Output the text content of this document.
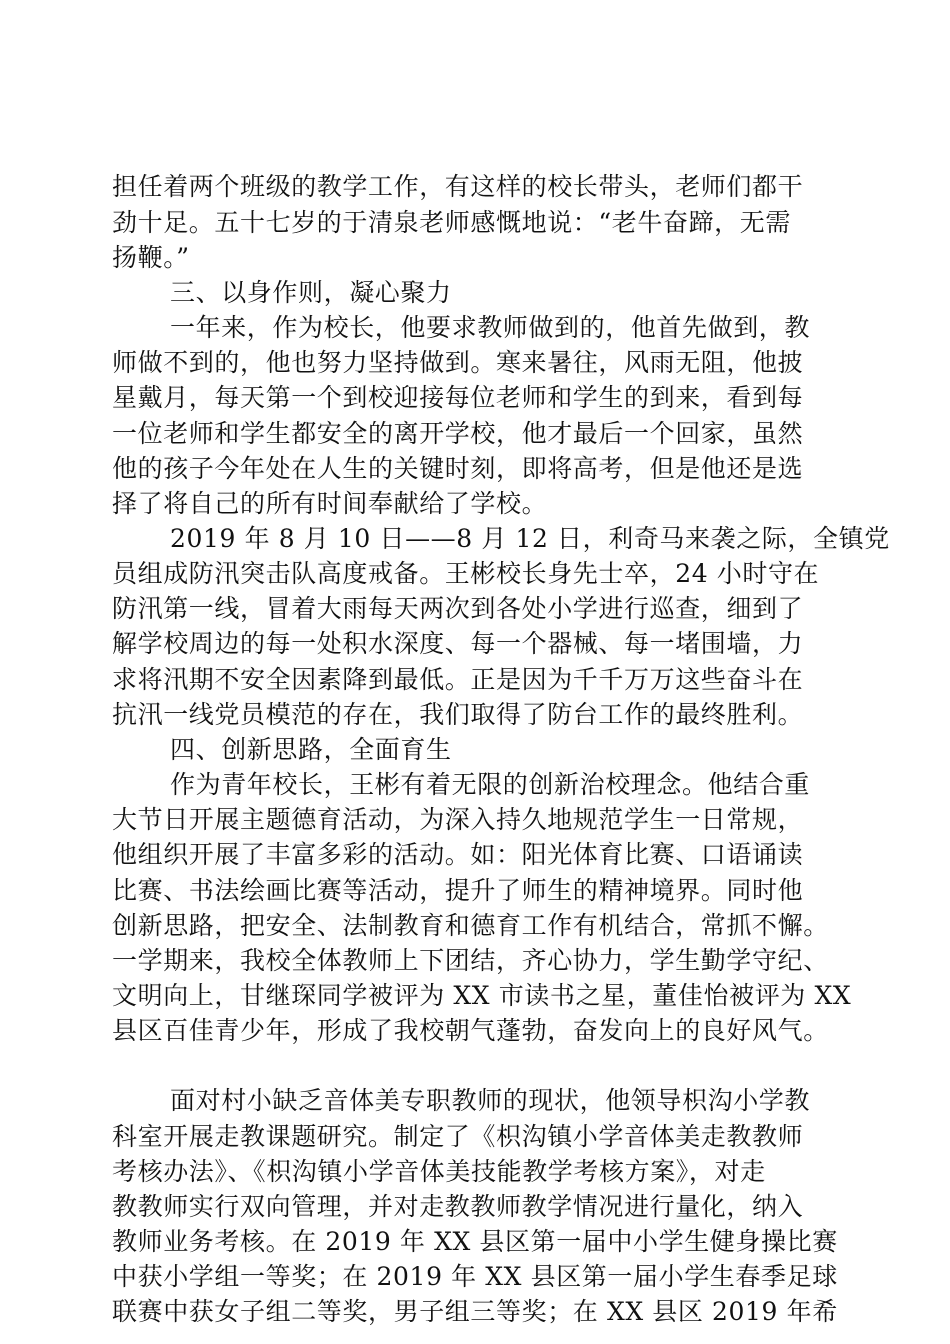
担任着两个班级的教学工作，有这样的校长带头，老师们都干
劲十足。五十七岁的于清泉老师感慨地说：“老牛奋蹄，无需
扬鞭。”
三、以身作则，凝心聚力
一年来，作为校长，他要求教师做到的，他首先做到，教
师做不到的，他也努力坚持做到。寒来暑往，风雨无阻，他披
星戴月，每天第一个到校迎接每位老师和学生的到来，看到每
一位老师和学生都安全的离开学校，他才最后一个回家，虽然
他的孩子今年处在人生的关键时刻，即将高考，但是他还是选
择了将自己的所有时间奉献给了学校。
2019 年 8 月 10 日——8 月 12 日，利奇马来袭之际，全镇党
员组成防汛突击队高度戒备。王彬校长身先士卒，24 小时守在
防汛第一线，冒着大雨每天两次到各处小学进行巡查，细到了
解学校周边的每一处积水深度、每一个器械、每一堵围墙，力
求将汛期不安全因素降到最低。正是因为千千万万这些奋斗在
抗汛一线党员模范的存在，我们取得了防台工作的最终胜利。
四、创新思路，全面育生
作为青年校长，王彬有着无限的创新治校理念。他结合重
大节日开展主题德育活动，为深入持久地规范学生一日常规，
他组织开展了丰富多彩的活动。如：阳光体育比赛、口语诵读
比赛、书法绘画比赛等活动，提升了师生的精神境界。同时他
创新思路，把安全、法制教育和德育工作有机结合，常抓不懈。
一学期来，我校全体教师上下团结，齐心协力，学生勤学守纪、
文明向上，甘继琛同学被评为 XX 市读书之星，董佳怡被评为 XX
县区百佳青少年，形成了我校朝气蓬勃，奋发向上的良好风气。
面对村小缺乏音体美专职教师的现状，他领导枳沟小学教
科室开展走教课题研究。制定了《枳沟镇小学音体美走教教师
考核办法》、《枳沟镇小学音体美技能教学考核方案》，对走
教教师实行双向管理，并对走教教师教学情况进行量化，纳入
教师业务考核。在 2019 年 XX 县区第一届中小学生健身操比赛
中获小学组一等奖；在 2019 年 XX 县区第一届小学生春季足球
联赛中获女子组二等奖，男子组三等奖；在 XX 县区 2019 年希
